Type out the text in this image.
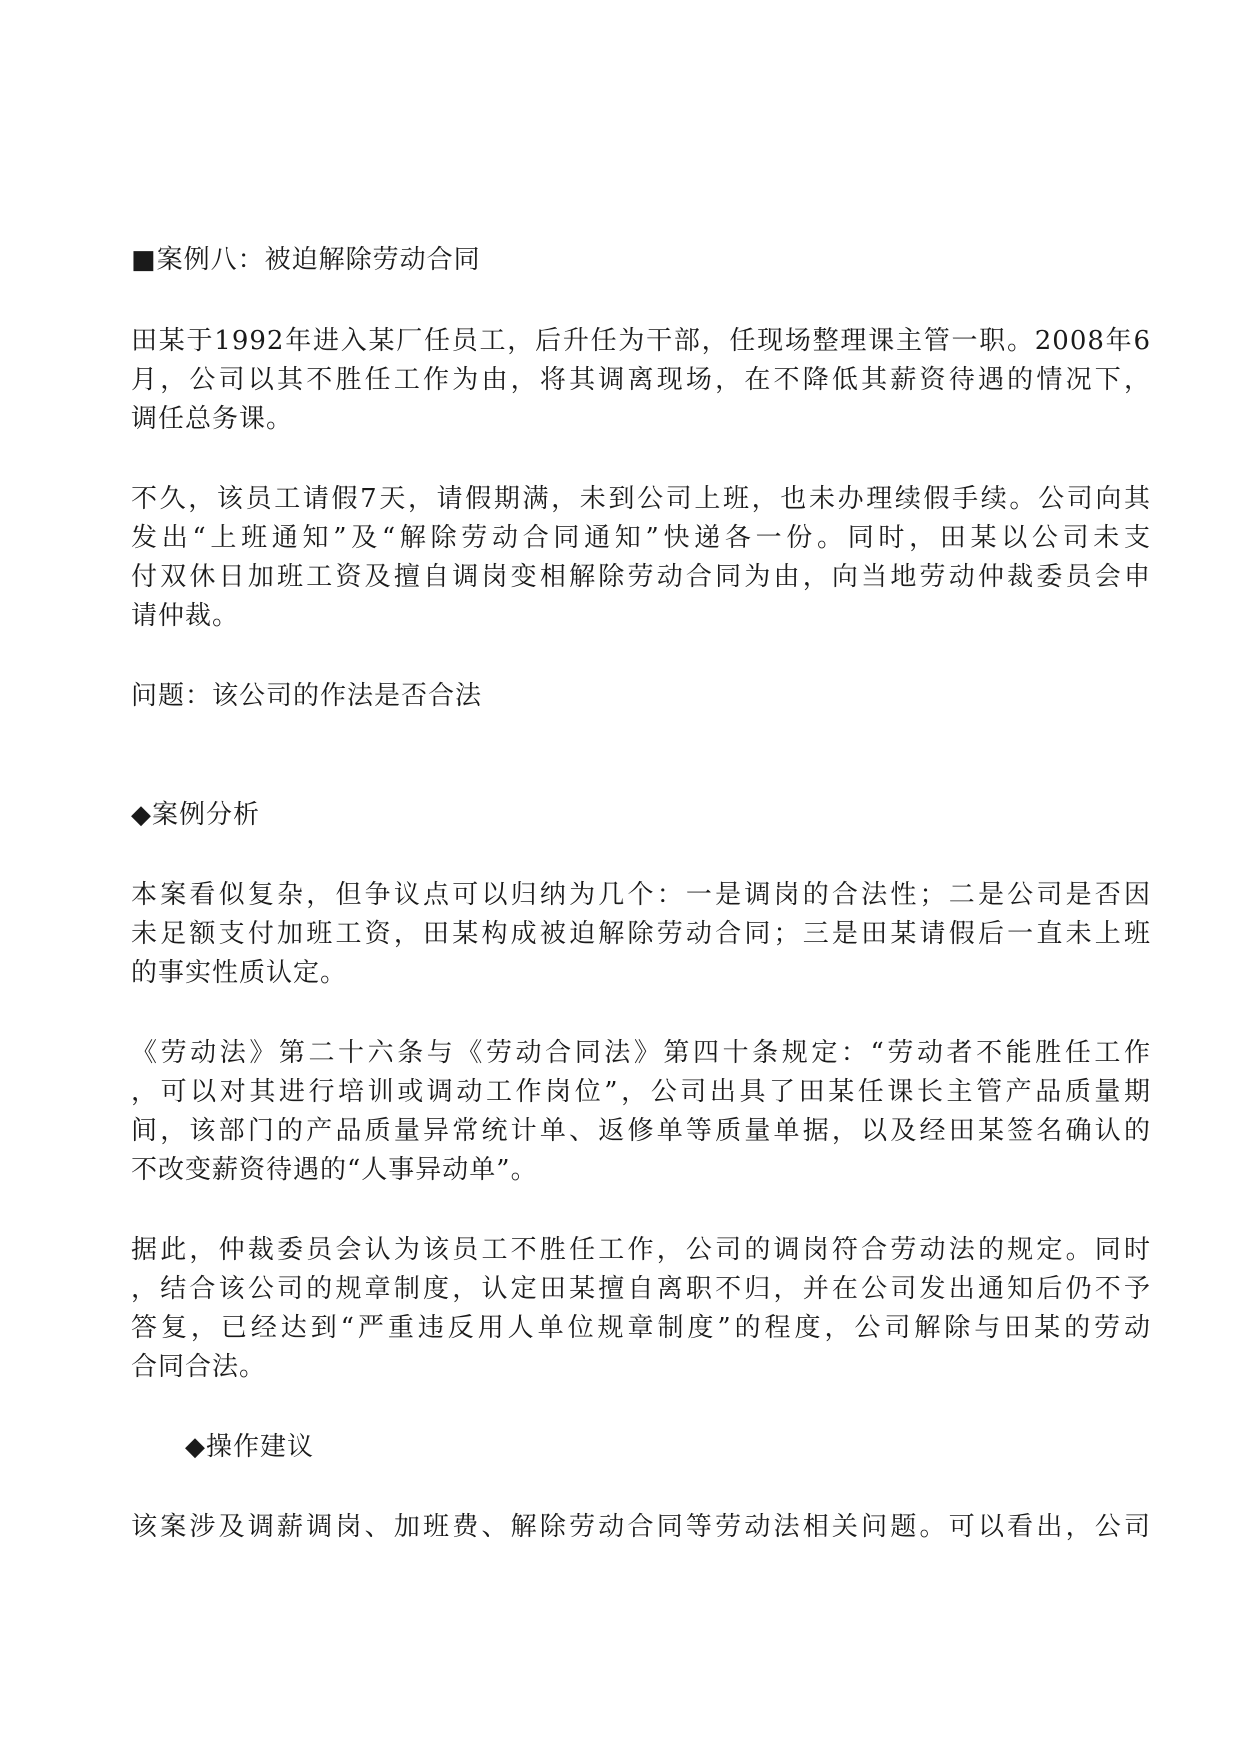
■案例八：被迫解除劳动合同
田某于1992年进入某厂任员工，后升任为干部，任现场整理课主管一职。2008年6
月，公司以其不胜任工作为由，将其调离现场，在不降低其薪资待遇的情况下，
调任总务课。
不久，该员工请假7天，请假期满，未到公司上班，也未办理续假手续。公司向其
发出“上班通知”及“解除劳动合同通知”快递各一份。同时，田某以公司未支
付双休日加班工资及擅自调岗变相解除劳动合同为由，向当地劳动仲裁委员会申
请仲裁。
问题：该公司的作法是否合法
◆案例分析
本案看似复杂，但争议点可以归纳为几个：一是调岗的合法性；二是公司是否因
未足额支付加班工资，田某构成被迫解除劳动合同；三是田某请假后一直未上班
的事实性质认定。
《劳动法》第二十六条与《劳动合同法》第四十条规定：“劳动者不能胜任工作
，可以对其进行培训或调动工作岗位”，公司出具了田某任课长主管产品质量期
间，该部门的产品质量异常统计单、返修单等质量单据，以及经田某签名确认的
不改变薪资待遇的“人事异动单”。
据此，仲裁委员会认为该员工不胜任工作，公司的调岗符合劳动法的规定。同时
，结合该公司的规章制度，认定田某擅自离职不归，并在公司发出通知后仍不予
答复，已经达到“严重违反用人单位规章制度”的程度，公司解除与田某的劳动
合同合法。
◆操作建议
该案涉及调薪调岗、加班费、解除劳动合同等劳动法相关问题。可以看出，公司
